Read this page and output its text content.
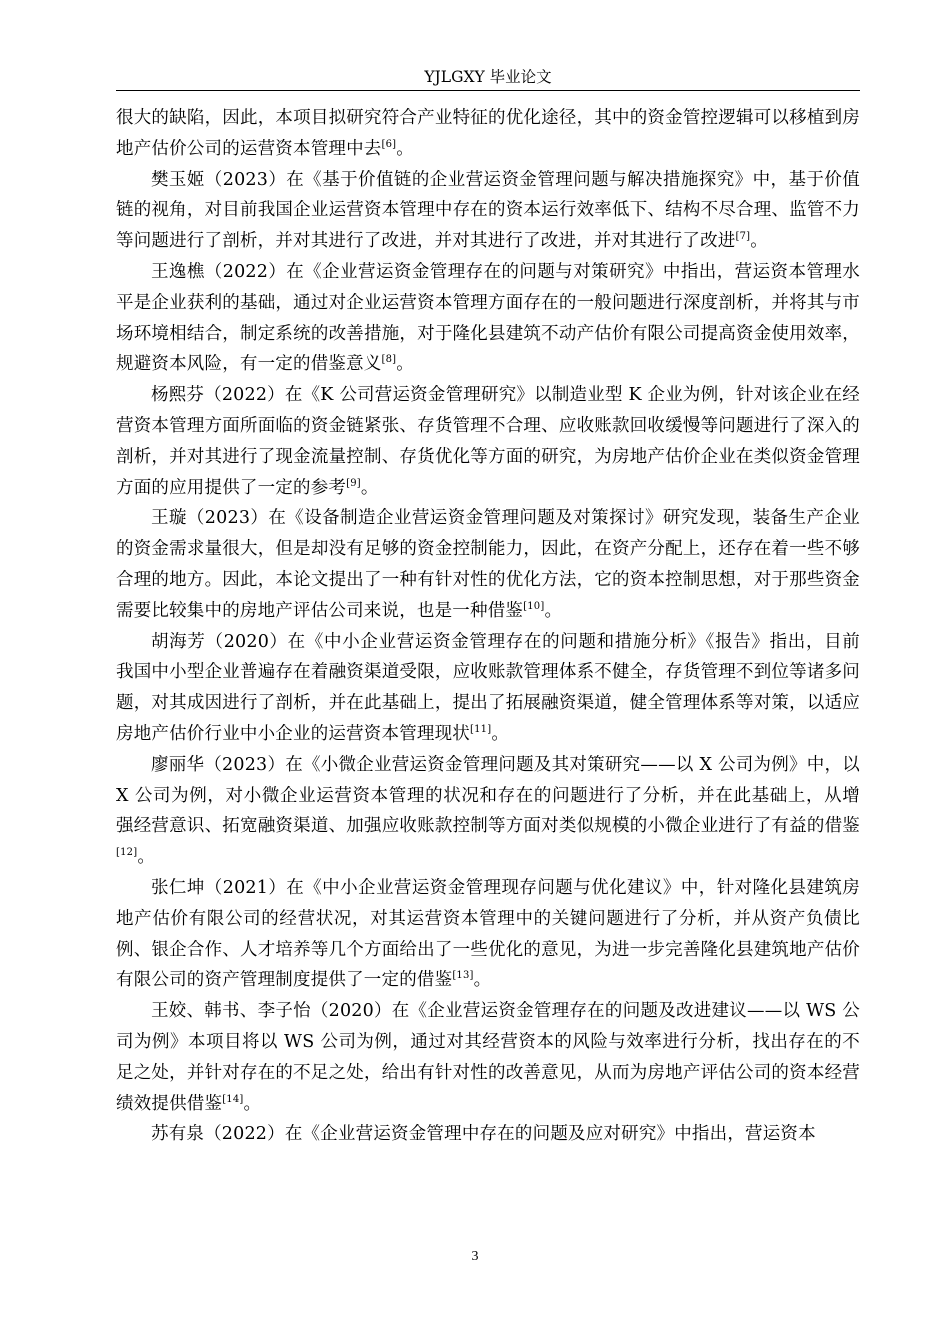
YJLGXY 毕业论文

很大的缺陷，因此，本项目拟研究符合产业特征的优化途径，其中的资金管控逻辑可以移植到房地产估价公司的运营资本管理中去[6]。

樊玉姬（2023）在《基于价值链的企业营运资金管理问题与解决措施探究》中，基于价值链的视角，对目前我国企业运营资本管理中存在的资本运行效率低下、结构不尽合理、监管不力等问题进行了剖析，并对其进行了改进，并对其进行了改进，并对其进行了改进[7]。

王逸樵（2022）在《企业营运资金管理存在的问题与对策研究》中指出，营运资本管理水平是企业获利的基础，通过对企业运营资本管理方面存在的一般问题进行深度剖析，并将其与市场环境相结合，制定系统的改善措施，对于隆化县建筑不动产估价有限公司提高资金使用效率，规避资本风险，有一定的借鉴意义[8]。

杨熙芬（2022）在《K 公司营运资金管理研究》以制造业型 K 企业为例，针对该企业在经营资本管理方面所面临的资金链紧张、存货管理不合理、应收账款回收缓慢等问题进行了深入的剖析，并对其进行了现金流量控制、存货优化等方面的研究，为房地产估价企业在类似资金管理方面的应用提供了一定的参考[9]。

王璇（2023）在《设备制造企业营运资金管理问题及对策探讨》研究发现，装备生产企业的资金需求量很大，但是却没有足够的资金控制能力，因此，在资产分配上，还存在着一些不够合理的地方。因此，本论文提出了一种有针对性的优化方法，它的资本控制思想，对于那些资金需要比较集中的房地产评估公司来说，也是一种借鉴[10]。

胡海芳（2020）在《中小企业营运资金管理存在的问题和措施分析》《报告》指出，目前我国中小型企业普遍存在着融资渠道受限，应收账款管理体系不健全，存货管理不到位等诸多问题，对其成因进行了剖析，并在此基础上，提出了拓展融资渠道，健全管理体系等对策，以适应房地产估价行业中小企业的运营资本管理现状[11]。

廖丽华（2023）在《小微企业营运资金管理问题及其对策研究——以 X 公司为例》中，以 X 公司为例，对小微企业运营资本管理的状况和存在的问题进行了分析，并在此基础上，从增强经营意识、拓宽融资渠道、加强应收账款控制等方面对类似规模的小微企业进行了有益的借鉴[12]。

张仁坤（2021）在《中小企业营运资金管理现存问题与优化建议》中，针对隆化县建筑房地产估价有限公司的经营状况，对其运营资本管理中的关键问题进行了分析，并从资产负债比例、银企合作、人才培养等几个方面给出了一些优化的意见，为进一步完善隆化县建筑地产估价有限公司的资产管理制度提供了一定的借鉴[13]。

王姣、韩书、李子怡（2020）在《企业营运资金管理存在的问题及改进建议——以 WS 公司为例》本项目将以 WS 公司为例，通过对其经营资本的风险与效率进行分析，找出存在的不足之处，并针对存在的不足之处，给出有针对性的改善意见，从而为房地产评估公司的资本经营绩效提供借鉴[14]。

苏有泉（2022）在《企业营运资金管理中存在的问题及应对研究》中指出，营运资本

3
